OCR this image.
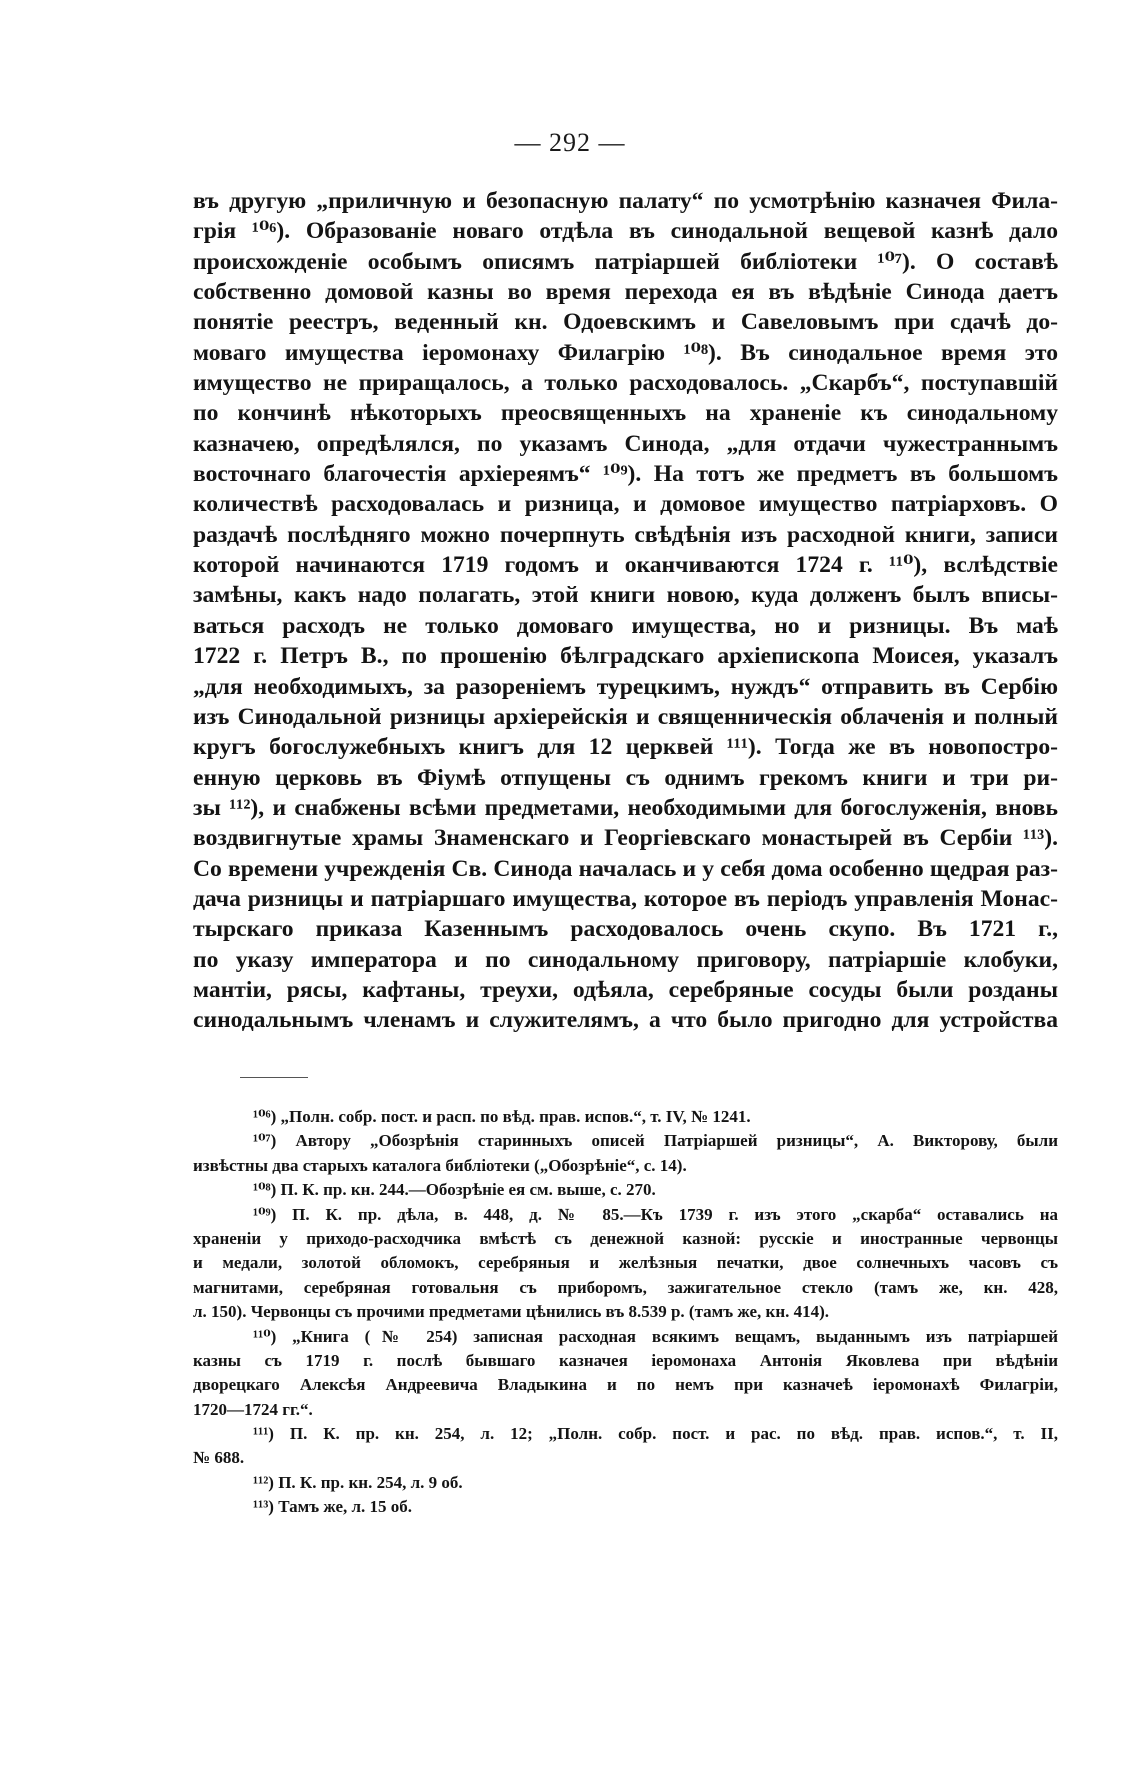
— 292 —
въ другую „приличную и безопасную палату“ по усмотрѣнію казначея Фила-
грія ¹⁰⁶). Образованіе новаго отдѣла въ синодальной вещевой казнѣ дало
происхожденіе особымъ описямъ патріаршей библіотеки ¹⁰⁷). О составѣ
собственно домовой казны во время перехода ея въ вѣдѣніе Синода даетъ
понятіе реестръ, веденный кн. Одоевскимъ и Савеловымъ при сдачѣ до-
моваго имущества іеромонаху Филагрію ¹⁰⁸). Въ синодальное время это
имущество не приращалось, а только расходовалось. „Скарбъ“, поступавшій
по кончинѣ нѣкоторыхъ преосвященныхъ на храненіе къ синодальному
казначею, опредѣлялся, по указамъ Синода, „для отдачи чужестраннымъ
восточнаго благочестія архіереямъ“ ¹⁰⁹). На тотъ же предметъ въ большомъ
количествѣ расходовалась и ризница, и домовое имущество патріарховъ. О
раздачѣ послѣдняго можно почерпнуть свѣдѣнія изъ расходной книги, записи
которой начинаются 1719 годомъ и оканчиваются 1724 г. ¹¹⁰), вслѣдствіе
замѣны, какъ надо полагать, этой книги новою, куда долженъ былъ вписы-
ваться расходъ не только домоваго имущества, но и ризницы. Въ маѣ
1722 г. Петръ В., по прошенію бѣлградскаго архіепископа Моисея, указалъ
„для необходимыхъ, за разореніемъ турецкимъ, нуждъ“ отправить въ Сербію
изъ Синодальной ризницы архіерейскія и священническія облаченія и полный
кругъ богослужебныхъ книгъ для 12 церквей ¹¹¹). Тогда же въ новопостро-
енную церковь въ Фіумѣ отпущены съ однимъ грекомъ книги и три ри-
зы ¹¹²), и снабжены всѣми предметами, необходимыми для богослуженія, вновь
воздвигнутые храмы Знаменскаго и Георгіевскаго монастырей въ Сербіи ¹¹³).
Со времени учрежденія Св. Синода началась и у себя дома особенно щедрая раз-
дача ризницы и патріаршаго имущества, которое въ періодъ управленія Монас-
тырскаго приказа Казеннымъ расходовалось очень скупо. Въ 1721 г.,
по указу императора и по синодальному приговору, патріаршіе клобуки,
мантіи, рясы, кафтаны, треухи, одѣяла, серебряные сосуды были розданы
синодальнымъ членамъ и служителямъ, а что было пригодно для устройства
¹⁰⁶) „Полн. собр. пост. и расп. по вѣд. прав. испов.“, т. IV, № 1241.
¹⁰⁷) Автору „Обозрѣнія старинныхъ описей Патріаршей ризницы“, А. Викторову, были
извѣстны два старыхъ каталога библіотеки („Обозрѣніе“, с. 14).
¹⁰⁸) П. К. пр. кн. 244.—Обозрѣніе ея см. выше, с. 270.
¹⁰⁹) П. К. пр. дѣла, в. 448, д. № 85.—Къ 1739 г. изъ этого „скарба“ оставались на
храненіи у приходо-расходчика вмѣстѣ съ денежной казной: русскіе и иностранные червонцы
и медали, золотой обломокъ, серебряныя и желѣзныя печатки, двое солнечныхъ часовъ съ
магнитами, серебряная готовальня съ приборомъ, зажигательное стекло (тамъ же, кн. 428,
л. 150). Червонцы съ прочими предметами цѣнились въ 8.539 р. (тамъ же, кн. 414).
¹¹⁰) „Книга (№ 254) записная расходная всякимъ вещамъ, выданнымъ изъ патріаршей
казны съ 1719 г. послѣ бывшаго казначея іеромонаха Антонія Яковлева при вѣдѣніи
дворецкаго Алексѣя Андреевича Владыкина и по немъ при казначеѣ іеромонахѣ Филагріи,
1720—1724 гг.“.
¹¹¹) П. К. пр. кн. 254, л. 12; „Полн. собр. пост. и рас. по вѣд. прав. испов.“, т. II,
№ 688.
¹¹²) П. К. пр. кн. 254, л. 9 об.
¹¹³) Тамъ же, л. 15 об.
